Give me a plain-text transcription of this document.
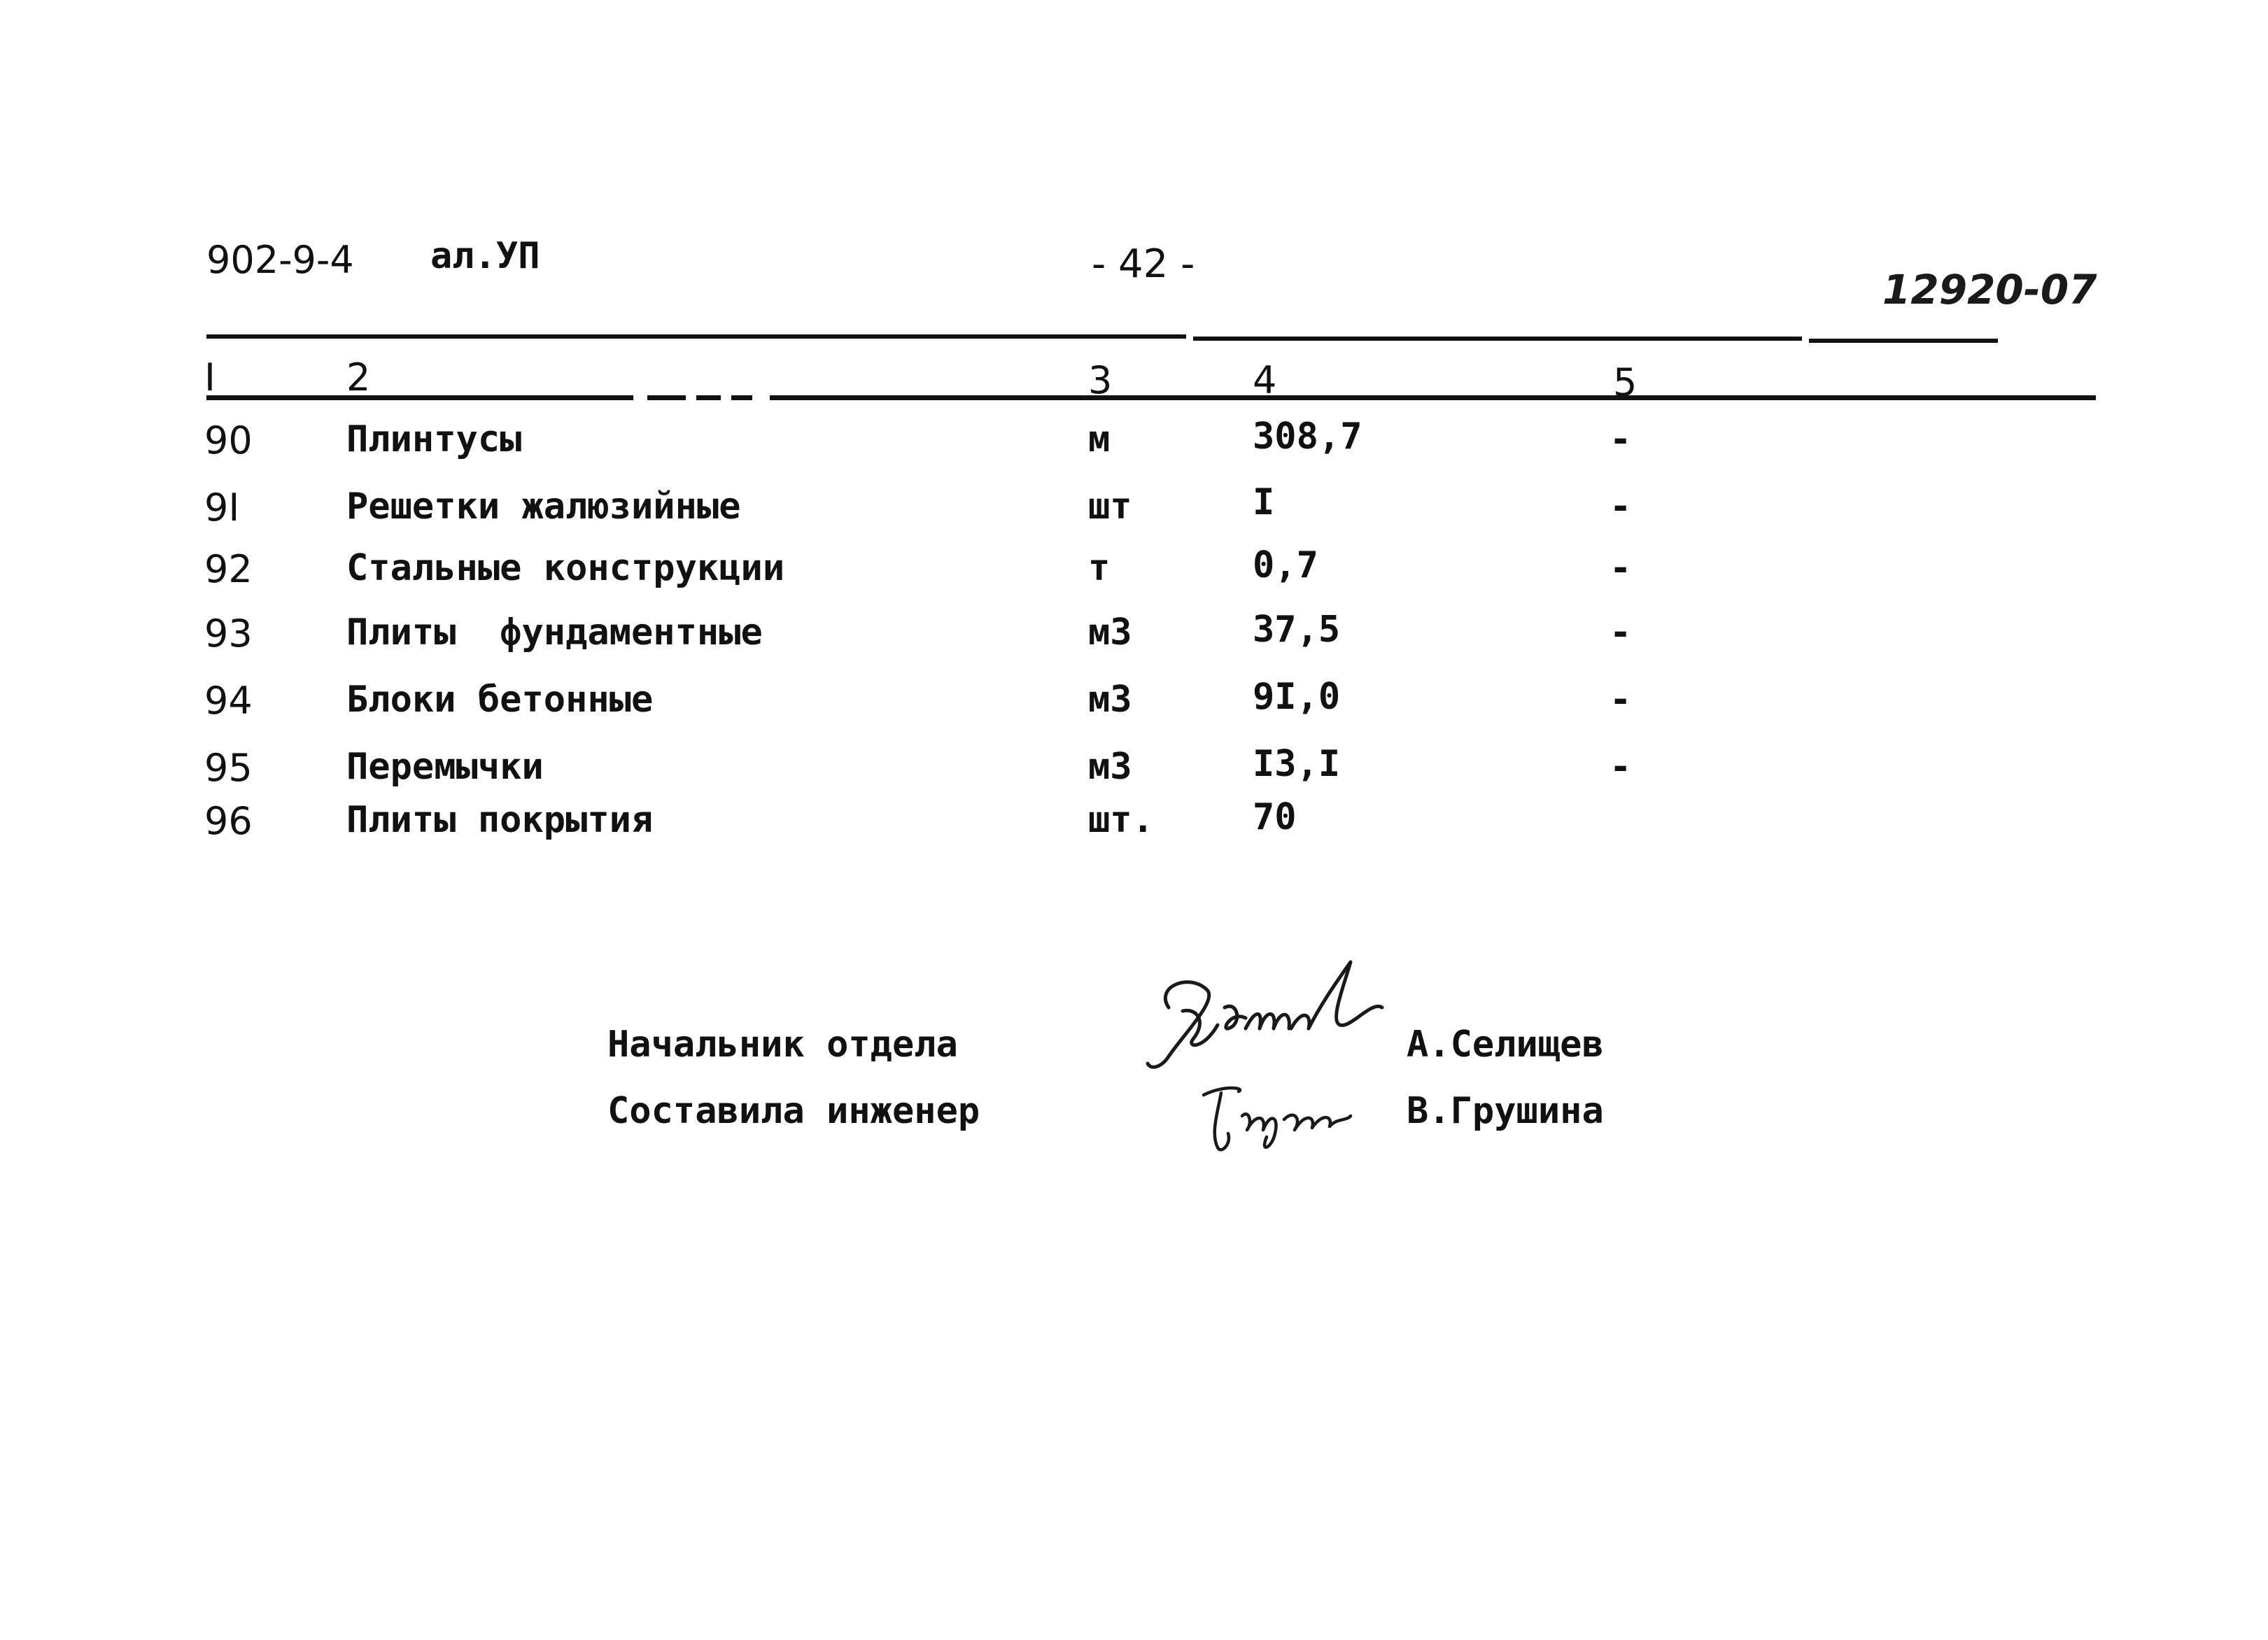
902-9-4 ал.УП	- 42 -
12920-07
I	2	3	4	5
90	Плинтусы	м	308,7	-
9I	Решетки жалюзийные	шт	I	-
92	Стальные конструкции	т	0,7	-
93	Плиты  фундаментные	м3	37,5	-
94	Блоки бетонные	м3	9I,0	-
95	Перемычки	м3	I3,I	-
96	Плиты покрытия	шт.	70
Начальник отдела	А.Селищев
Составила инженер	В.Грушина
